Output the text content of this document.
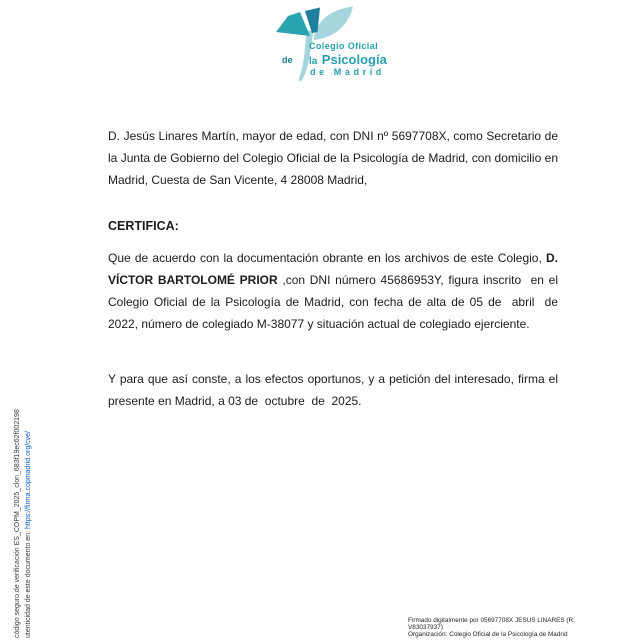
Colegio Oficial
de la Psicología
de Madrid

D. Jesús Linares Martín, mayor de edad, con DNI nº 5697708X, como Secretario de la Junta de Gobierno del Colegio Oficial de la Psicología de Madrid, con domicilio en Madrid, Cuesta de San Vicente, 4 28008 Madrid,

CERTIFICA:

Que de acuerdo con la documentación obrante en los archivos de este Colegio, D. VÍCTOR BARTOLOMÉ PRIOR ,con DNI número 45686953Y, figura inscrito  en el Colegio Oficial de la Psicología de Madrid, con fecha de alta de 05 de  abril  de  2022, número de colegiado M-38077 y situación actual de colegiado ejerciente.

Y para que así conste, a los efectos oportunos, y a petición del interesado, firma el presente en Madrid, a 03 de  octubre  de  2025.

código seguro de verificación ES_COPM_2025_clon_683f19ec62f002198 utenticidad de este documento en: https://firma.copmadrid.org/cve/
Firmado digitalmente por 05697708X JESUS LINARES (R:
V83037937)
Organización: Colegio Oficial de la Psicología de Madrid
